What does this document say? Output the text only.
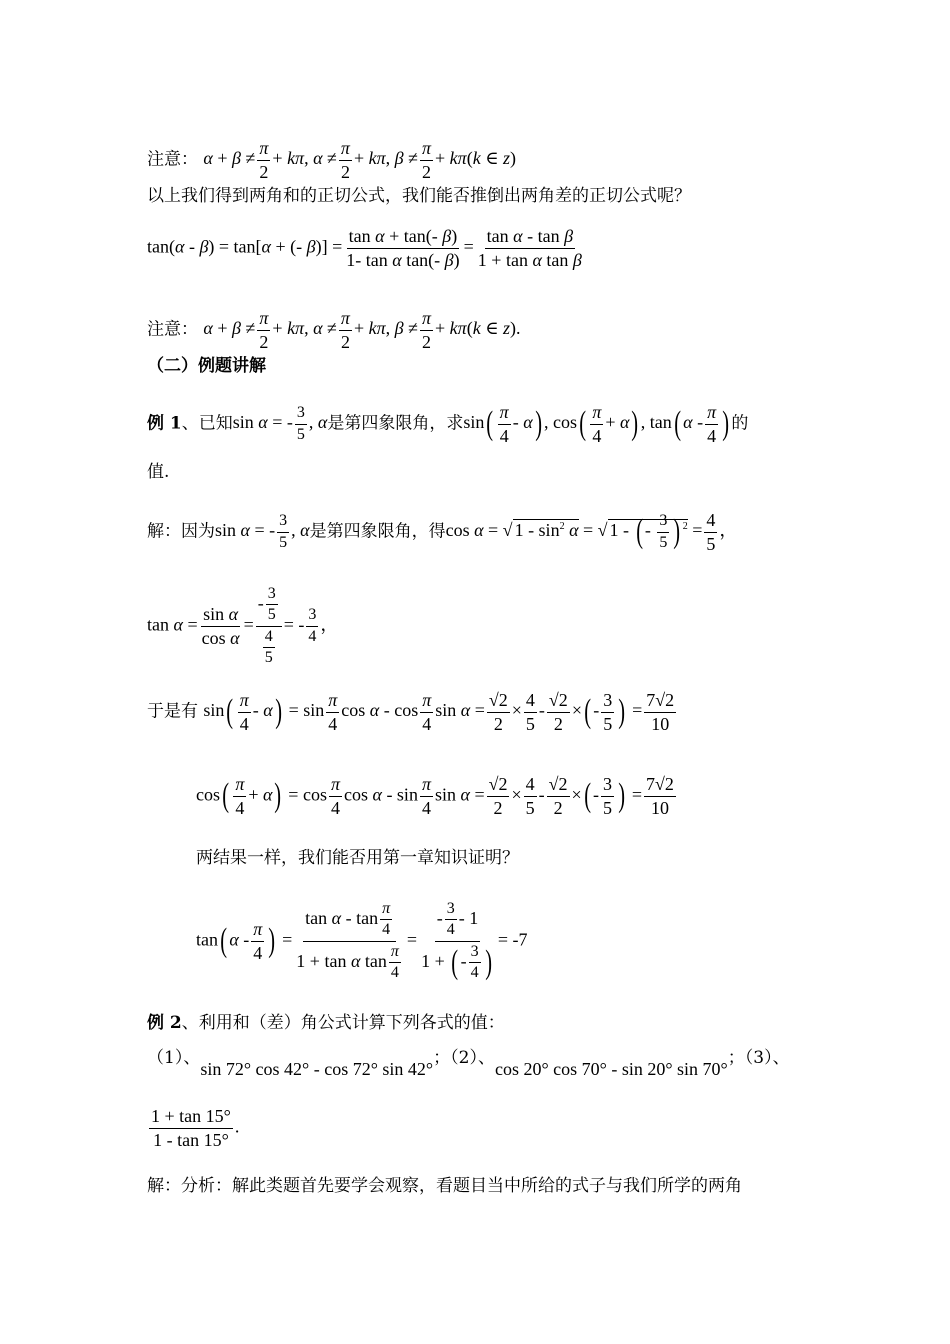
注意： $\alpha + \beta \ne \frac{\pi}{2} + k\pi$, $\alpha \ne \frac{\pi}{2} + k\pi$, $\beta \ne \frac{\pi}{2} + k\pi(k$ ∈ z)
以上我们得到两角和的正切公式，我们能否推倒出两角差的正切公式呢？
tan(α - β) = tan[α + (- $\beta)] = \frac{\text{tan α + tan(- β)}}{\text{1- tan α tan(- β)}} = \frac{\text{tan α - tan β}}{\text{1 + tan α tan β}}$
注意： $\alpha + \beta \ne \frac{\pi}{2} + k\pi$, $\alpha \ne \frac{\pi}{2} + k\pi$, $\beta \ne \frac{\pi}{2} + k\pi(k$ ∈ z).
（二）例题讲解
例 1、已知sin α = - $\frac{3}{5}$ , α是第四象限角，求$\sin( \frac{\pi}{4} - \alpha)$ , $\cos( \frac{\pi}{4} + \alpha)$ , tan( α - $\frac{\pi}{4}$ ) 的
值.
解：因为sin α = - $\frac{3}{5}$ , α是第四象限角，得cos α = √ $1 - \sin^2 \alpha$ = √ 1 - ( - $\frac{3}{5}$ ) $^2 = \frac{4}{5}$ ，
$\tan \alpha = \frac{\text{sin α}}{\text{cos α}} = \frac{- \frac{3}{5}}{\frac{4}{5}}$ = - $\frac{3}{4}$ ，
于是有 $\sin( \frac{\pi}{4} - \alpha) = \sin \frac{\pi}{4}$ cos α - $\cos \frac{\pi}{4}$ $\sin \alpha = \frac{√2}{2} \times \frac{4}{5} - \frac{√2}{2}$ ×( - $\frac{3}{5}$ ) = $\frac{7√2}{10}$
$\cos( \frac{\pi}{4} + \alpha) = \cos \frac{\pi}{4}$ cos α - $\sin \frac{\pi}{4}$ $\sin \alpha = \frac{√2}{2} \times \frac{4}{5} - \frac{√2}{2}$ ×( - $\frac{3}{5}$ ) = $\frac{7√2}{10}$
两结果一样，我们能否用第一章知识证明？
tan( α - $\frac{\pi}{4}$ ) = $\frac{\tan \alpha - \tan \frac{\pi}{4}}{1 + \tan \alpha \tan \frac{\pi}{4}} = \frac{- \frac{3}{4} - 1}{1 + ( - \frac{3}{4} )} = -7$
例 2、利用和（差）角公式计算下列各式的值：
（1）、sin 72° cos 42° - cos 72° sin 42°；（2）、cos 20° cos 70° - sin 20° sin 70°；（3）、
$\frac{1 + \tan 15^\circ}{1 - \tan 15^\circ}$ .
解：分析：解此类题首先要学会观察，看题目当中所给的式子与我们所学的两角
